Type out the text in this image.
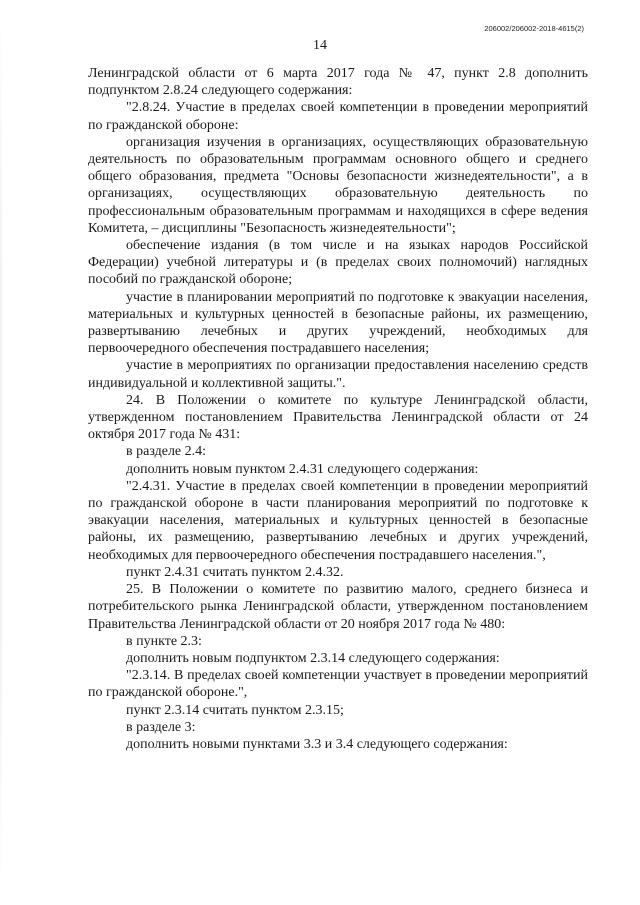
206002/206002-2018-4615(2)
14

Ленинградской области от 6 марта 2017 года № 47, пункт 2.8 дополнить подпунктом 2.8.24 следующего содержания:

"2.8.24. Участие в пределах своей компетенции в проведении мероприятий по гражданской обороне:

организация изучения в организациях, осуществляющих образовательную деятельность по образовательным программам основного общего и среднего общего образования, предмета "Основы безопасности жизнедеятельности", а в организациях, осуществляющих образовательную деятельность по профессиональным образовательным программам и находящихся в сфере ведения Комитета, – дисциплины "Безопасность жизнедеятельности";

обеспечение издания (в том числе и на языках народов Российской Федерации) учебной литературы и (в пределах своих полномочий) наглядных пособий по гражданской обороне;

участие в планировании мероприятий по подготовке к эвакуации населения, материальных и культурных ценностей в безопасные районы, их размещению, развертыванию лечебных и других учреждений, необходимых для первоочередного обеспечения пострадавшего населения;

участие в мероприятиях по организации предоставления населению средств индивидуальной и коллективной защиты.".

24. В Положении о комитете по культуре Ленинградской области, утвержденном постановлением Правительства Ленинградской области от 24 октября 2017 года № 431:

в разделе 2.4:

дополнить новым пунктом 2.4.31 следующего содержания:

"2.4.31. Участие в пределах своей компетенции в проведении мероприятий по гражданской обороне в части планирования мероприятий по подготовке к эвакуации населения, материальных и культурных ценностей в безопасные районы, их размещению, развертыванию лечебных и других учреждений, необходимых для первоочередного обеспечения пострадавшего населения.",

пункт 2.4.31 считать пунктом 2.4.32.

25. В Положении о комитете по развитию малого, среднего бизнеса и потребительского рынка Ленинградской области, утвержденном постановлением Правительства Ленинградской области от 20 ноября 2017 года № 480:

в пункте 2.3:

дополнить новым подпунктом 2.3.14 следующего содержания:

"2.3.14. В пределах своей компетенции участвует в проведении мероприятий по гражданской обороне.",

пункт 2.3.14 считать пунктом 2.3.15;

в разделе 3:

дополнить новыми пунктами 3.3 и 3.4 следующего содержания:
